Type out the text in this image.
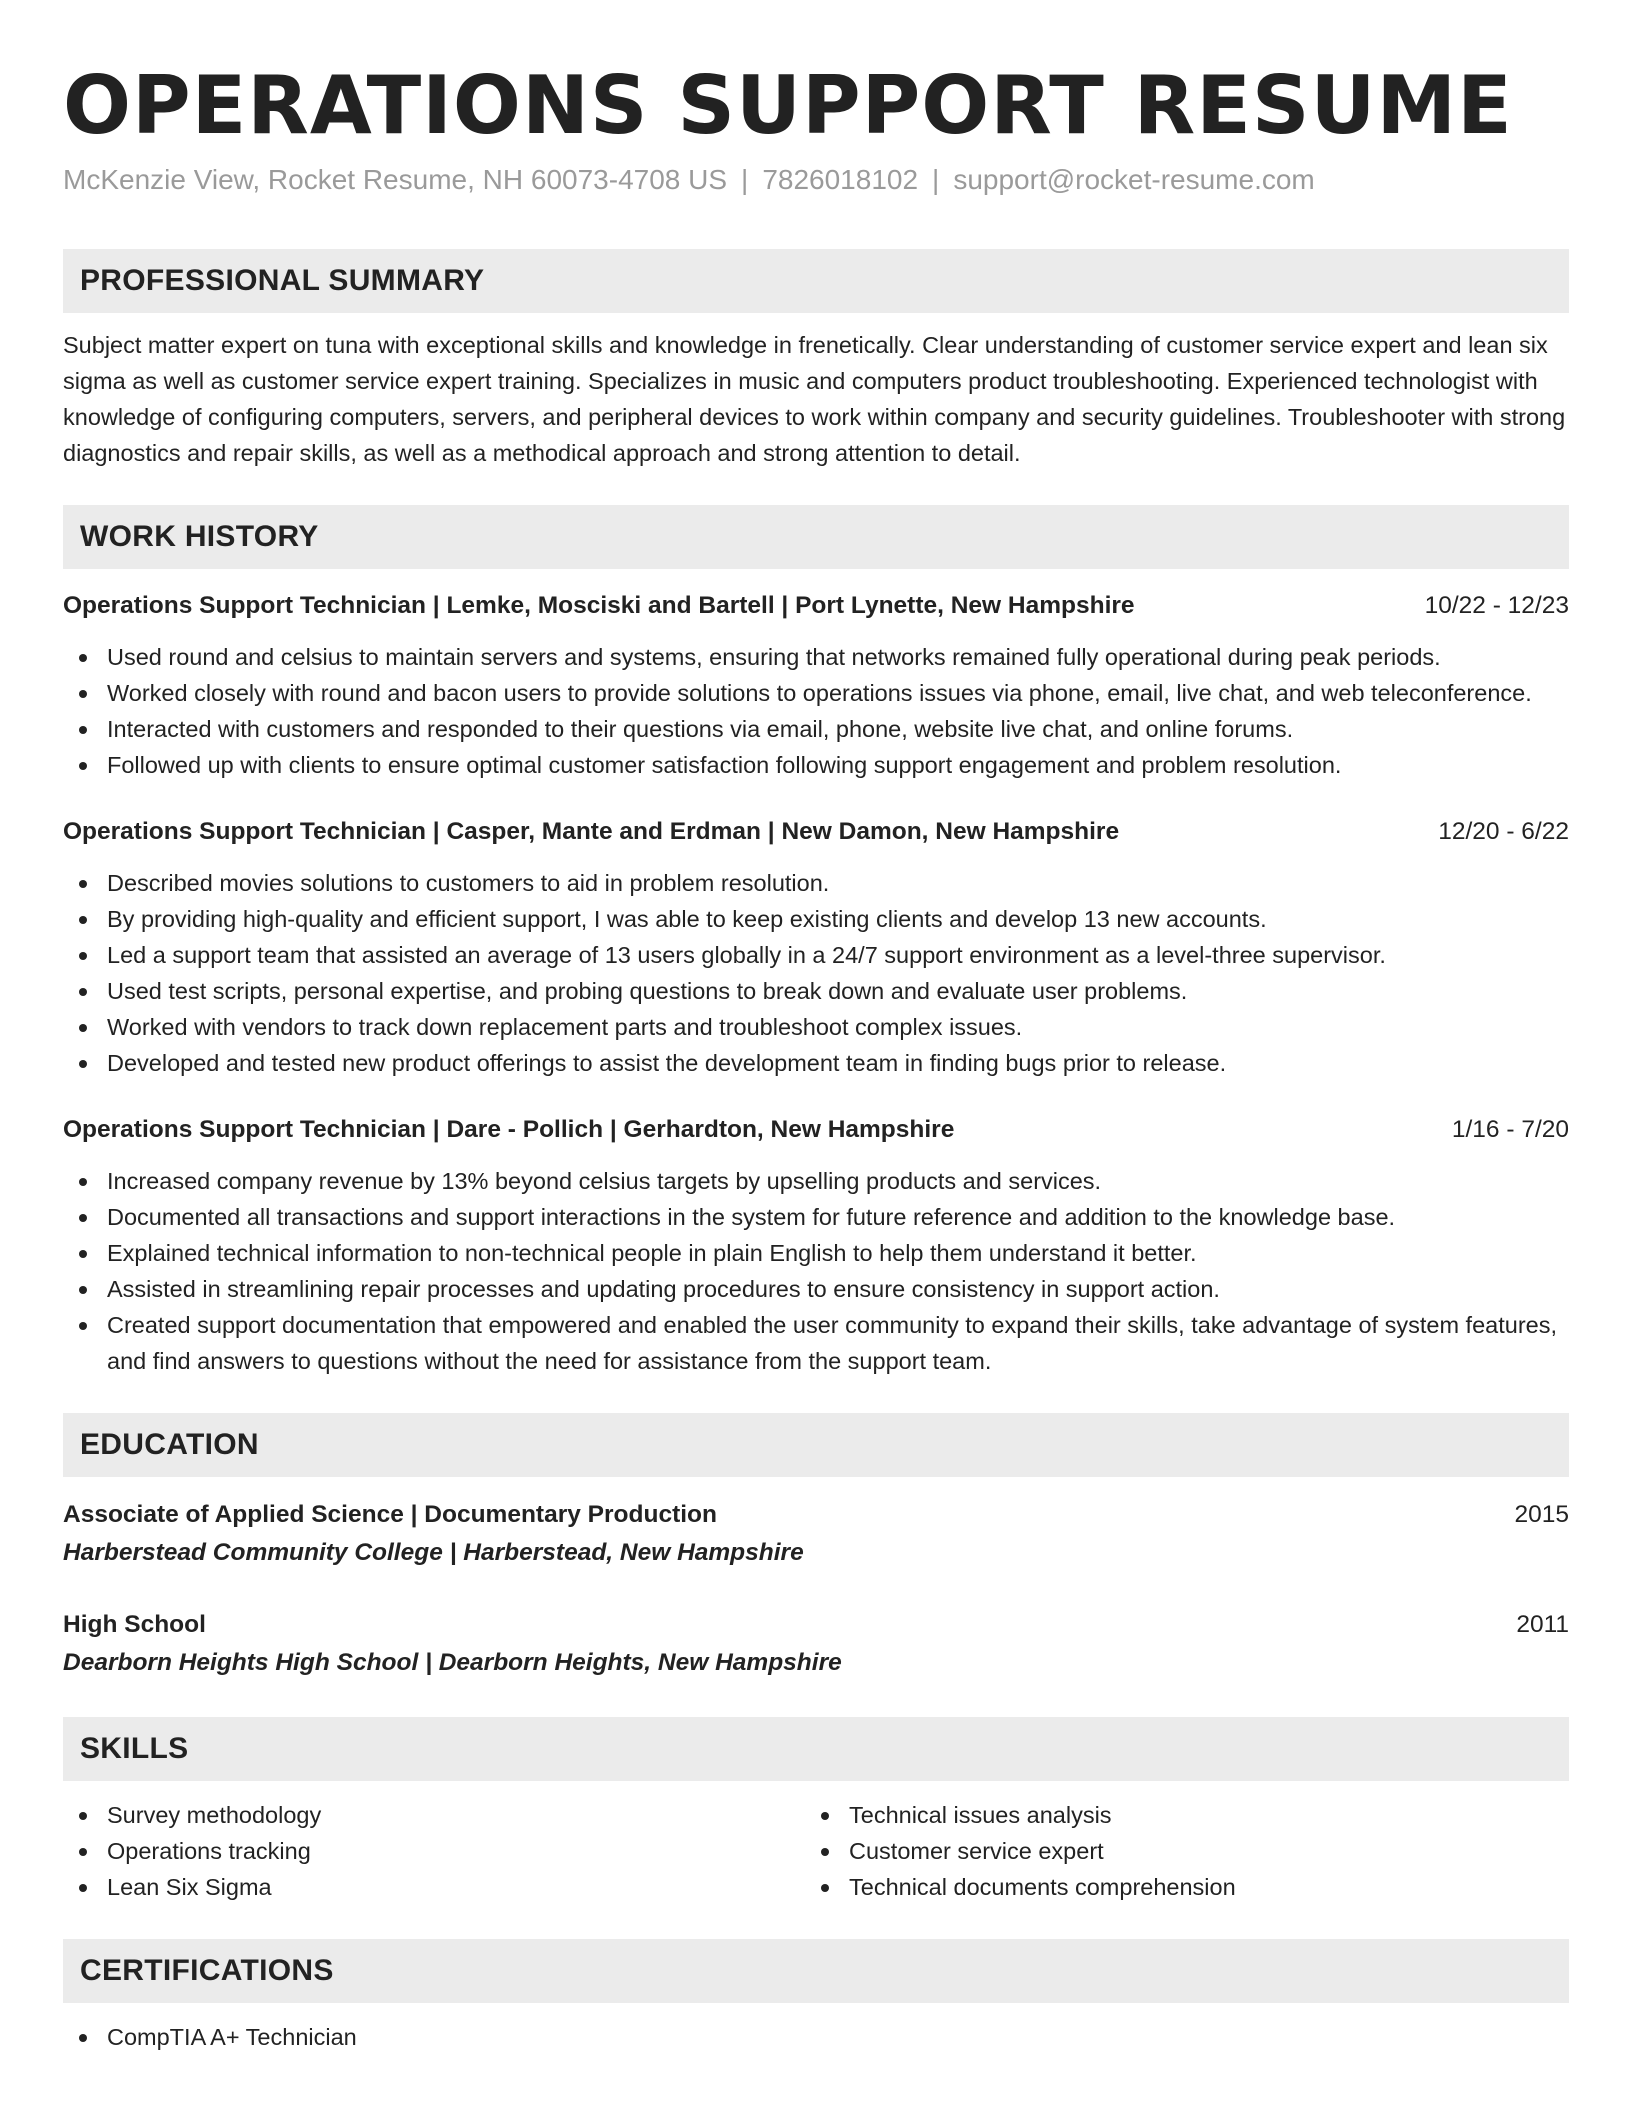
OPERATIONS SUPPORT RESUME
McKenzie View, Rocket Resume, NH 60073-4708 US | 7826018102 | support@rocket-resume.com
PROFESSIONAL SUMMARY

Subject matter expert on tuna with exceptional skills and knowledge in frenetically. Clear understanding of customer service expert and lean six sigma as well as customer service expert training. Specializes in music and computers product troubleshooting. Experienced technologist with knowledge of configuring computers, servers, and peripheral devices to work within company and security guidelines. Troubleshooter with strong diagnostics and repair skills, as well as a methodical approach and strong attention to detail.

WORK HISTORY
Operations Support Technician | Lemke, Mosciski and Bartell | Port Lynette, New Hampshire	10/22 - 12/23
Used round and celsius to maintain servers and systems, ensuring that networks remained fully operational during peak periods.
Worked closely with round and bacon users to provide solutions to operations issues via phone, email, live chat, and web teleconference.
Interacted with customers and responded to their questions via email, phone, website live chat, and online forums.
Followed up with clients to ensure optimal customer satisfaction following support engagement and problem resolution.
Operations Support Technician | Casper, Mante and Erdman | New Damon, New Hampshire	12/20 - 6/22
Described movies solutions to customers to aid in problem resolution.
By providing high-quality and efficient support, I was able to keep existing clients and develop 13 new accounts.
Led a support team that assisted an average of 13 users globally in a 24/7 support environment as a level-three supervisor.
Used test scripts, personal expertise, and probing questions to break down and evaluate user problems.
Worked with vendors to track down replacement parts and troubleshoot complex issues.
Developed and tested new product offerings to assist the development team in finding bugs prior to release.
Operations Support Technician | Dare - Pollich | Gerhardton, New Hampshire	1/16 - 7/20
Increased company revenue by 13% beyond celsius targets by upselling products and services.
Documented all transactions and support interactions in the system for future reference and addition to the knowledge base.
Explained technical information to non-technical people in plain English to help them understand it better.
Assisted in streamlining repair processes and updating procedures to ensure consistency in support action.
Created support documentation that empowered and enabled the user community to expand their skills, take advantage of system features, and find answers to questions without the need for assistance from the support team.
EDUCATION
Associate of Applied Science | Documentary Production	2015
Harberstead Community College | Harberstead, New Hampshire
High School	2011
Dearborn Heights High School | Dearborn Heights, New Hampshire
SKILLS
Survey methodology
Operations tracking
Lean Six Sigma
Technical issues analysis
Customer service expert
Technical documents comprehension
CERTIFICATIONS
CompTIA A+ Technician
